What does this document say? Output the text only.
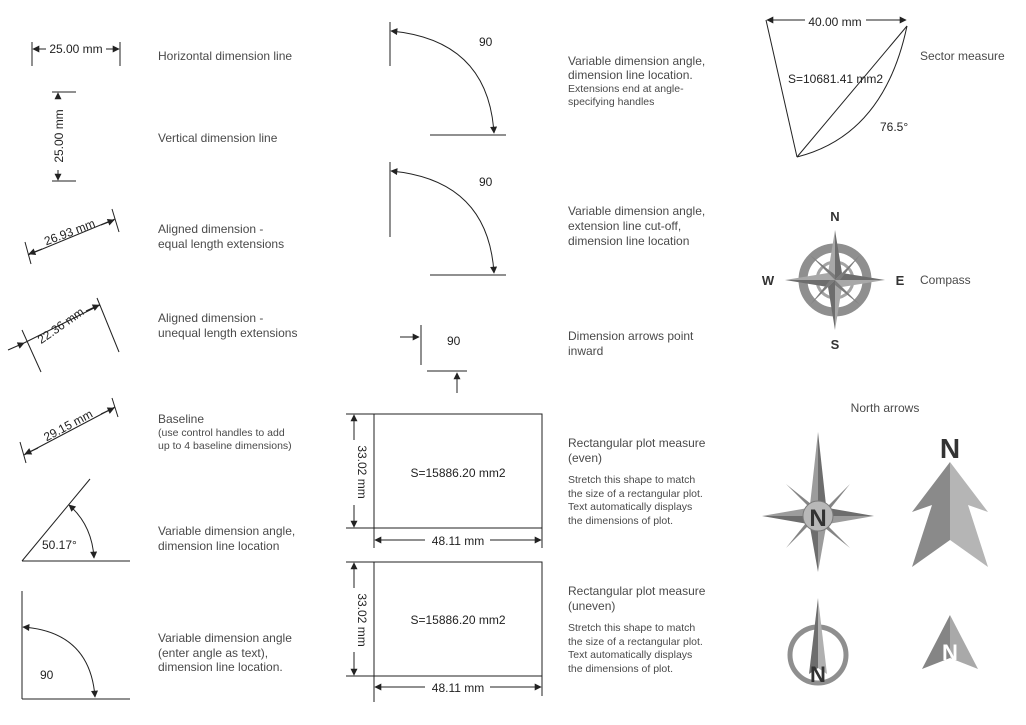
25.00 mm	Horizontal dimension line
25.00 mm	Vertical dimension line
26.93 mm	Aligned dimension -
equal length extensions
22.36 mm	Aligned dimension -
unequal length extensions
29.15 mm	Baseline
(use control handles to add
up to 4 baseline dimensions)
50.17°
Variable dimension angle,
dimension line location
90
Variable dimension angle
(enter angle as text),
dimension line location.
90
Variable dimension angle,
dimension line location.
Extensions end at angle-
specifying handles
90
Variable dimension angle,
extension line cut-off,
dimension line location
90	Dimension arrows point
inward
S=15886.20 mm2
33.02 mm
48.11 mm
Rectangular plot measure
(even)
Stretch this shape to match
the size of a rectangular plot.
Text automatically displays
the dimensions of plot.
S=15886.20 mm2
33.02 mm
48.11 mm
Rectangular plot measure
(uneven)
Stretch this shape to match
the size of a rectangular plot.
Text automatically displays
the dimensions of plot.
40.00 mm
S=10681.41 mm2
76.5°
Sector measure
N
S
W	E Compass
North arrows
N
N
N
N
